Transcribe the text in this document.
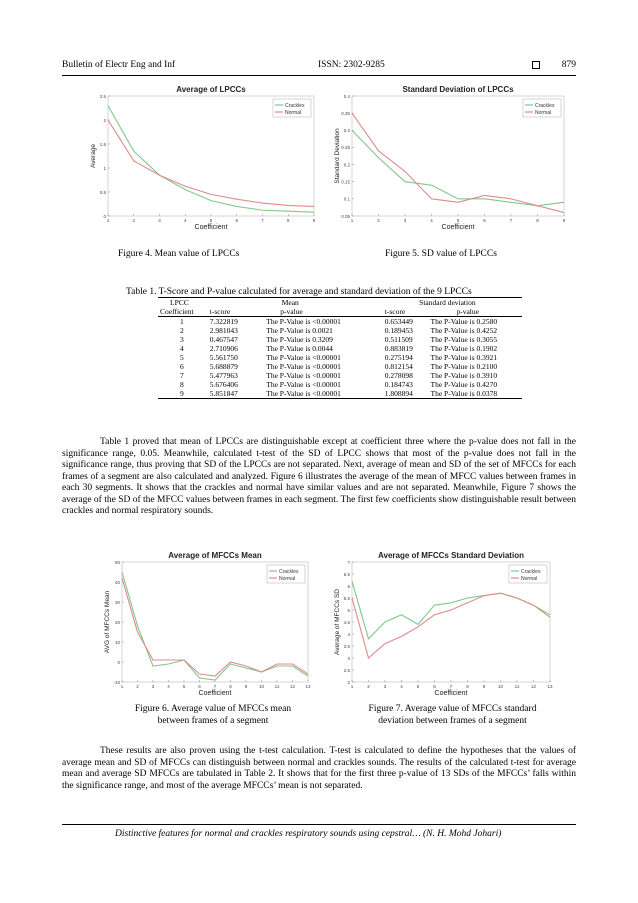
Bulletin of Electr Eng and Inf	ISSN: 2302-9285	879
Average of LPCCs
0
0.5
1
1.5
2
2.5
1	2	3	4	5	6	7	8	9
Coefficient
Average
Crackles
Normal
Figure 4. Mean value of LPCCs
Standard Deviation of LPCCs
0.05
0.1
0.15
0.2
0.25
0.3
0.35
0.4
1	2	3	4	5	6	7	8	9
Coefficient
Standard Deviation
Crackles
Normal
Figure 5. SD value of LPCCs
Table 1. T-Score and P-value calculated for average and standard deviation of the 9 LPCCs
LPCC	Mean		Standard deviation	
Coefficient	t-score	p-value	t-score	p-value
1	7.322819	The P-Value is <0.00001	0.653449	The P-Value is 0.2580
2	2.981043	The P-Value is 0.0021	0.189453	The P-Value is 0.4252
3	0.467547	The P-Value is 0.3209	0.511509	The P-Value is 0.3055
4	2.710906	The P-Value is 0.0044	0.883819	The P-Value is 0.1902
5	5.561750	The P-Value is <0.00001	0.275194	The P-Value is 0.3921
6	5.688879	The P-Value is <0.00001	0.812154	The P-Value is 0.2100
7	5.477963	The P-Value is <0.00001	0.278098	The P-Value is 0.3910
8	5.676406	The P-Value is <0.00001	0.184743	The P-Value is 0.4270
9	5.851847	The P-Value is <0.00001	1.808894	The P-Value is 0.0378
Table 1 proved that mean of LPCCs are distinguishable except at coefficient three where the p-value does not fall in the significance range, 0.05. Meanwhile, calculated t-test of the SD of LPCC shows that most of the p-value does not fall in the significance range, thus proving that SD of the LPCCs are not separated. Next, average of mean and SD of the set of MFCCs for each frames of a segment are also calculated and analyzed. Figure 6 illustrates the average of the mean of MFCC values between frames in each 30 segments. It shows that the crackles and normal have similar values and are not separated. Meanwhile, Figure 7 shows the average of the SD of the MFCC values between frames in each segment. The first few coefficients show distinguishable result between crackles and normal respiratory sounds.
Average of MFCCs Mean
-10
0
10
20
30
40
50
1	2	3	4	5	6	7	8	9	10 11 12 13
Coefficient
AVG of MFCCs Mean
Crackles
Normal
Figure 6. Average value of MFCCs mean
between frames of a segment
Average of MFCCs Standard Deviation
2
2.5
3
3.5
4
4.5
5
5.5
6
6.5
7
1	2	3	4	5	6	7	8	9	10	11	12	13
Coefficient
Average of MFCCs SD
Crackles
Normal
Figure 7. Average value of MFCCs standard
deviation between frames of a segment
These results are also proven using the t-test calculation. T-test is calculated to define the hypotheses that the values of average mean and SD of MFCCs can distinguish between normal and crackles sounds. The results of the calculated t-test for average mean and average SD MFCCs are tabulated in Table 2. It shows that for the first three p-value of 13 SDs of the MFCCs’ falls within the significance range, and most of the average MFCCs’ mean is not separated.
Distinctive features for normal and crackles respiratory sounds using cepstral… (N. H. Mohd Johari)
